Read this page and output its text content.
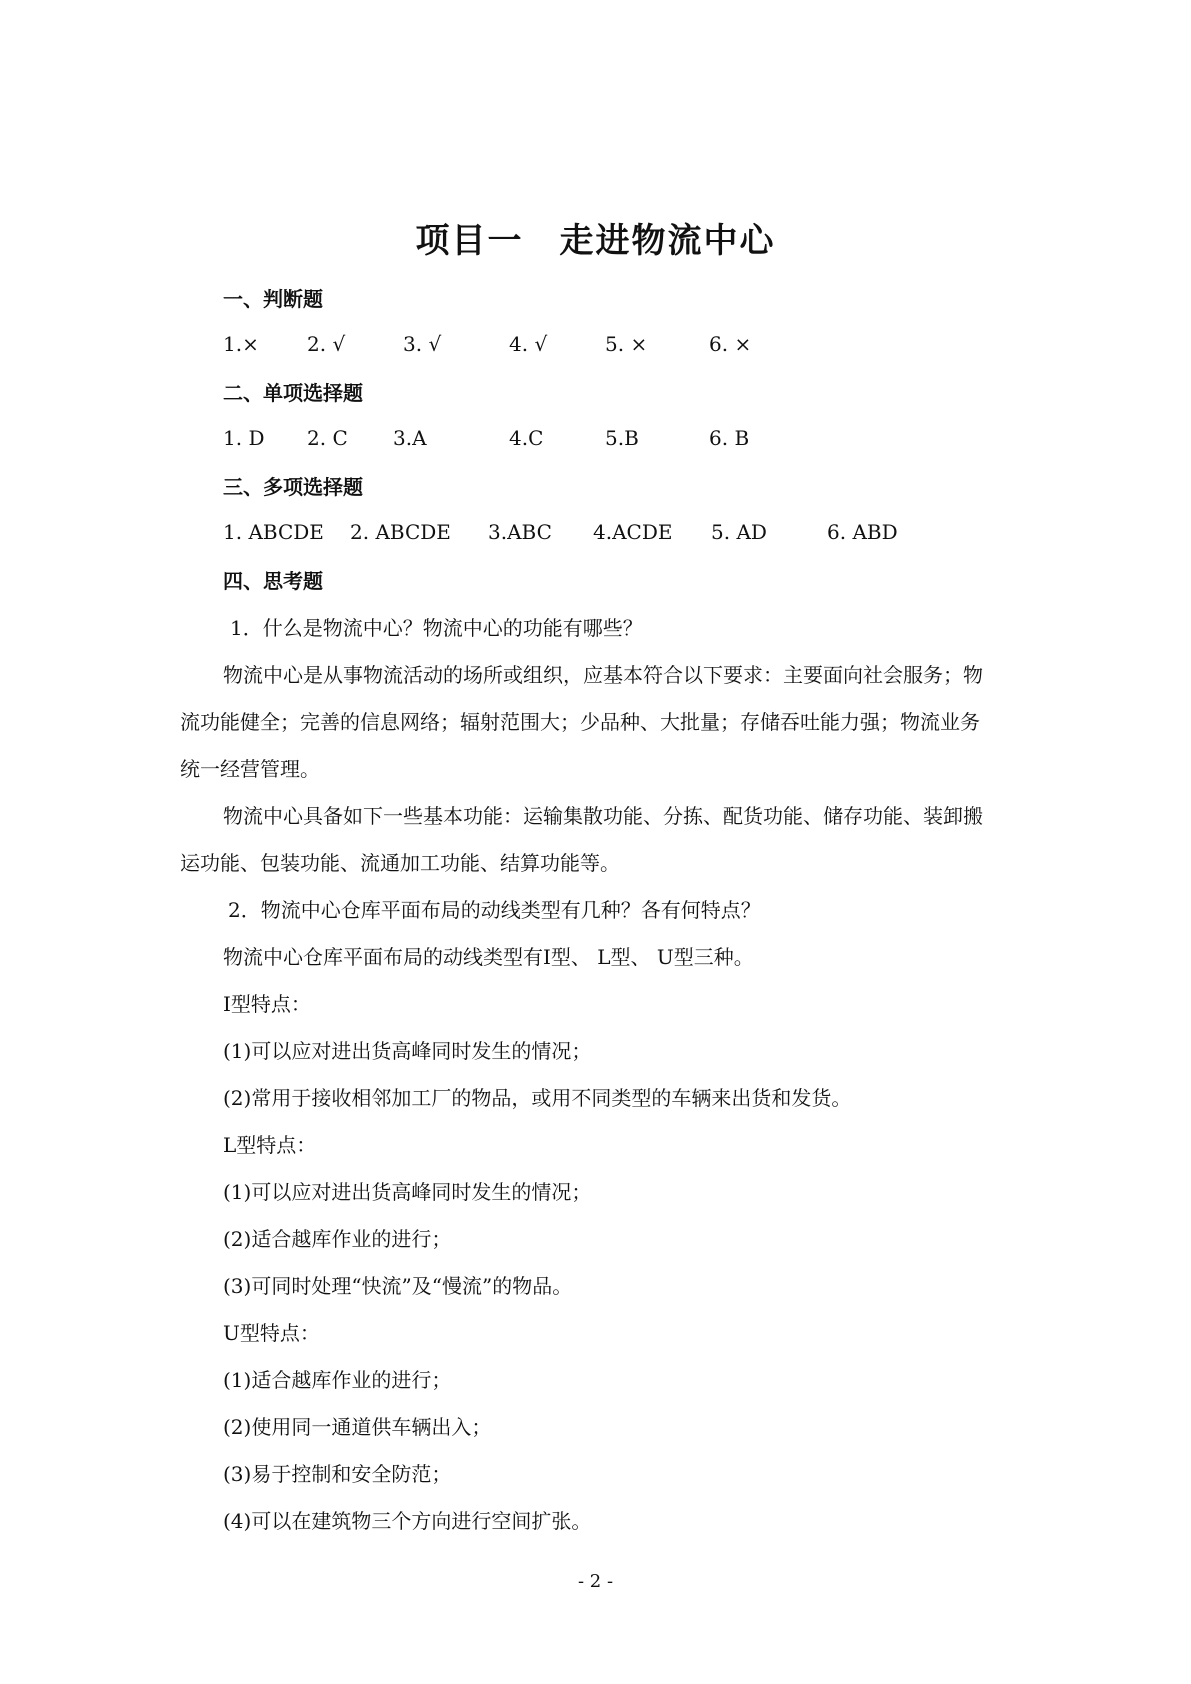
项目一　走进物流中心
一、判断题
1.× 2. √	3. √	4. √	5. ×	6. ×
二、单项选择题
1. D 2. C 3.A	4.C	5.B	6. B
三、多项选择题
1. ABCDE 2. ABCDE 3.ABC 4.ACDE 5. AD	6. ABD
四、思考题
1．什么是物流中心？物流中心的功能有哪些？
物流中心是从事物流活动的场所或组织，应基本符合以下要求：主要面向社会服务；物
流功能健全；完善的信息网络；辐射范围大；少品种、大批量；存储吞吐能力强；物流业务
统一经营管理。
物流中心具备如下一些基本功能：运输集散功能、分拣、配货功能、储存功能、装卸搬
运功能、包装功能、流通加工功能、结算功能等。
2．物流中心仓库平面布局的动线类型有几种？各有何特点？
物流中心仓库平面布局的动线类型有Ⅰ型、 L型、 U型三种。
Ⅰ型特点：
(1)可以应对进出货高峰同时发生的情况；
(2)常用于接收相邻加工厂的物品，或用不同类型的车辆来出货和发货。
L型特点：
(1)可以应对进出货高峰同时发生的情况；
(2)适合越库作业的进行；
(3)可同时处理“快流”及“慢流”的物品。
U型特点：
(1)适合越库作业的进行；
(2)使用同一通道供车辆出入；
(3)易于控制和安全防范；
(4)可以在建筑物三个方向进行空间扩张。
- 2 -
